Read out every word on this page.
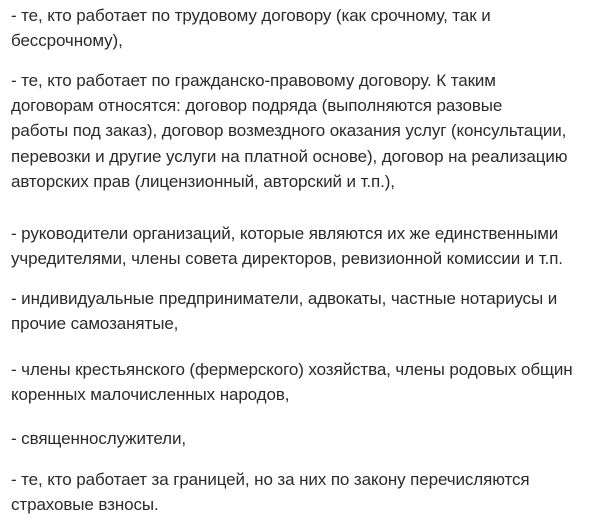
- те, кто работает по трудовому договору (как срочному, так и
бессрочному),
- те, кто работает по гражданско-правовому договору. К таким
договорам относятся: договор подряда (выполняются разовые
работы под заказ), договор возмездного оказания услуг (консультации,
перевозки и другие услуги на платной основе), договор на реализацию
авторских прав (лицензионный, авторский и т.п.),
- руководители организаций, которые являются их же единственными
учредителями, члены совета директоров, ревизионной комиссии и т.п.
- индивидуальные предприниматели, адвокаты, частные нотариусы и
прочие самозанятые,
- члены крестьянского (фермерского) хозяйства, члены родовых общин
коренных малочисленных народов,
- священнослужители,
- те, кто работает за границей, но за них по закону перечисляются
страховые взносы.
